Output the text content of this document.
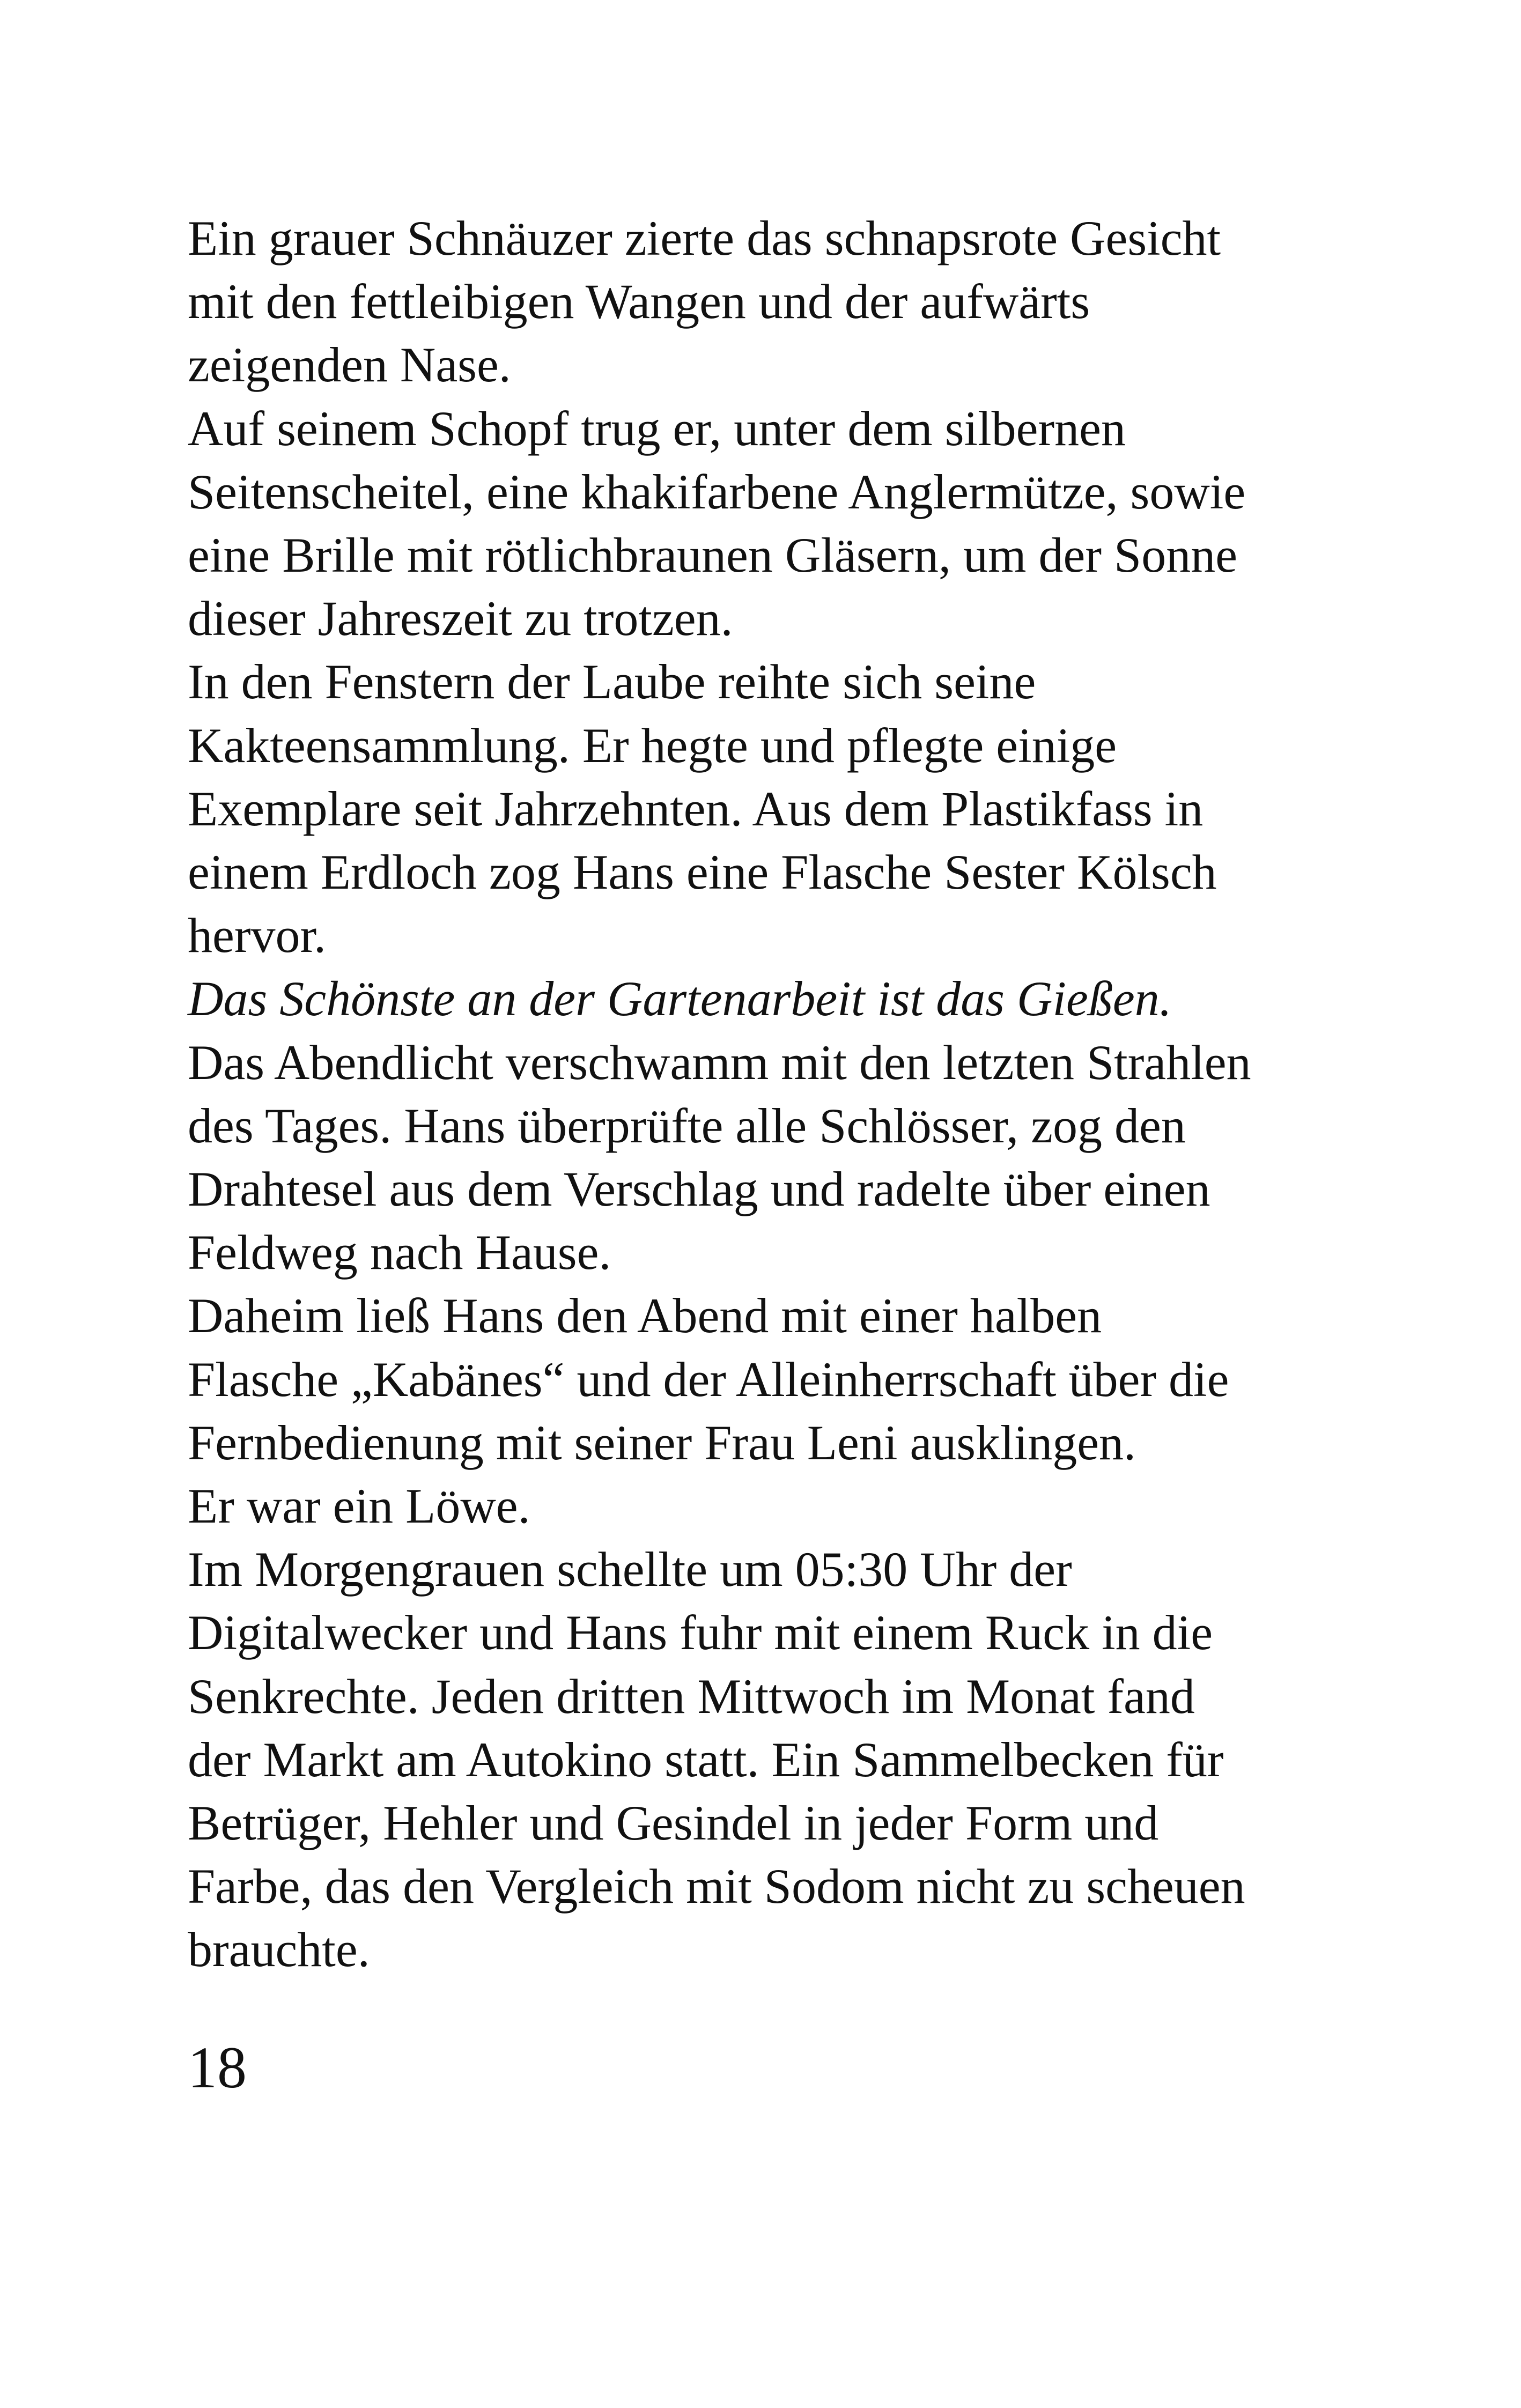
Ein grauer Schnäuzer zierte das schnapsrote Gesicht
mit den fettleibigen Wangen und der aufwärts
zeigenden Nase.
Auf seinem Schopf trug er, unter dem silbernen
Seitenscheitel, eine khakifarbene Anglermütze, sowie
eine Brille mit rötlichbraunen Gläsern, um der Sonne
dieser Jahreszeit zu trotzen.
In den Fenstern der Laube reihte sich seine
Kakteensammlung. Er hegte und pflegte einige
Exemplare seit Jahrzehnten. Aus dem Plastikfass in
einem Erdloch zog Hans eine Flasche Sester Kölsch
hervor.
Das Schönste an der Gartenarbeit ist das Gießen.
Das Abendlicht verschwamm mit den letzten Strahlen
des Tages. Hans überprüfte alle Schlösser, zog den
Drahtesel aus dem Verschlag und radelte über einen
Feldweg nach Hause.
Daheim ließ Hans den Abend mit einer halben
Flasche „Kabänes“ und der Alleinherrschaft über die
Fernbedienung mit seiner Frau Leni ausklingen.
Er war ein Löwe.
Im Morgengrauen schellte um 05:30 Uhr der
Digitalwecker und Hans fuhr mit einem Ruck in die
Senkrechte. Jeden dritten Mittwoch im Monat fand
der Markt am Autokino statt. Ein Sammelbecken für
Betrüger, Hehler und Gesindel in jeder Form und
Farbe, das den Vergleich mit Sodom nicht zu scheuen
brauchte.
18
